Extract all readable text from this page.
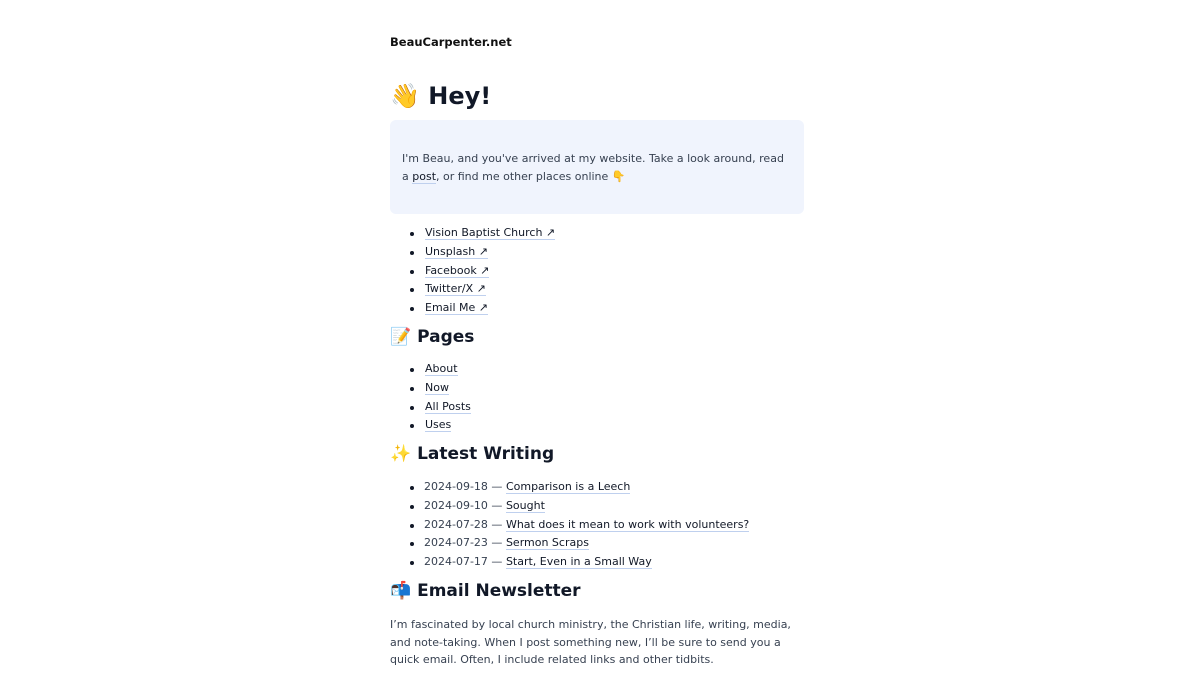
BeauCarpenter.net
👋 Hey!
I'm Beau, and you've arrived at my website. Take a look around, read a post, or find me other places online 👇
Vision Baptist Church ↗
Unsplash ↗
Facebook ↗
Twitter/X ↗
Email Me ↗
📝 Pages
About
Now
All Posts
Uses
✨ Latest Writing
2024-09-18 — Comparison is a Leech
2024-09-10 — Sought
2024-07-28 — What does it mean to work with volunteers?
2024-07-23 — Sermon Scraps
2024-07-17 — Start, Even in a Small Way
📬 Email Newsletter

I’m fascinated by local church ministry, the Christian life, writing, media, and note-taking. When I post something new, I’ll be sure to send you a quick email. Often, I include related links and other tidbits.
